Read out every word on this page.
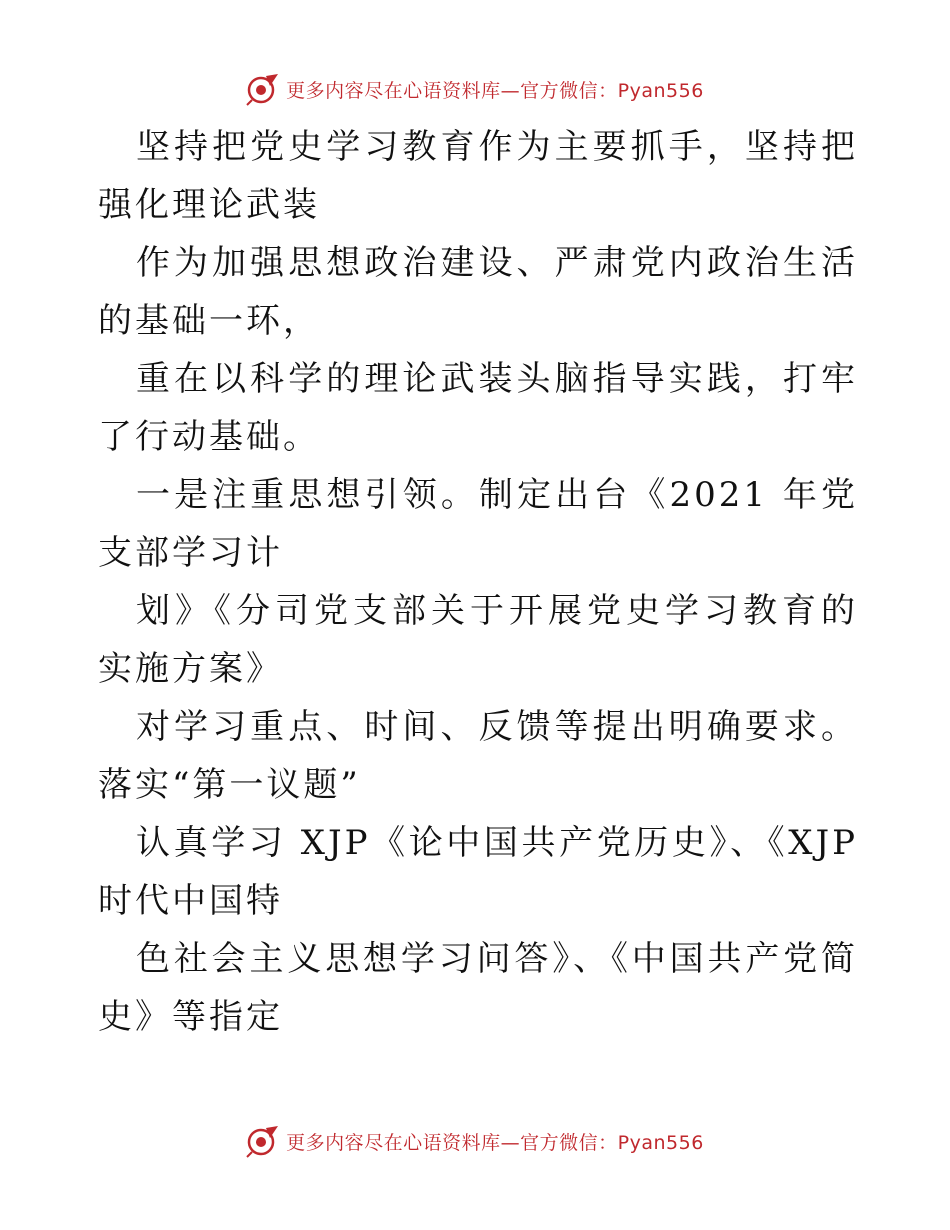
更多内容尽在心语资料库—官方微信：Pyan556

坚持把党史学习教育作为主要抓手，坚持把强化理论武装

作为加强思想政治建设、严肃党内政治生活的基础一环，

重在以科学的理论武装头脑指导实践，打牢了行动基础。

一是注重思想引领。制定出台《2021 年党支部学习计

划》《分司党支部关于开展党史学习教育的实施方案》

对学习重点、时间、反馈等提出明确要求。落实“第一议题”

认真学习 XJP《论中国共产党历史》、《XJP 时代中国特

色社会主义思想学习问答》、《中国共产党简史》等指定

更多内容尽在心语资料库—官方微信：Pyan556
